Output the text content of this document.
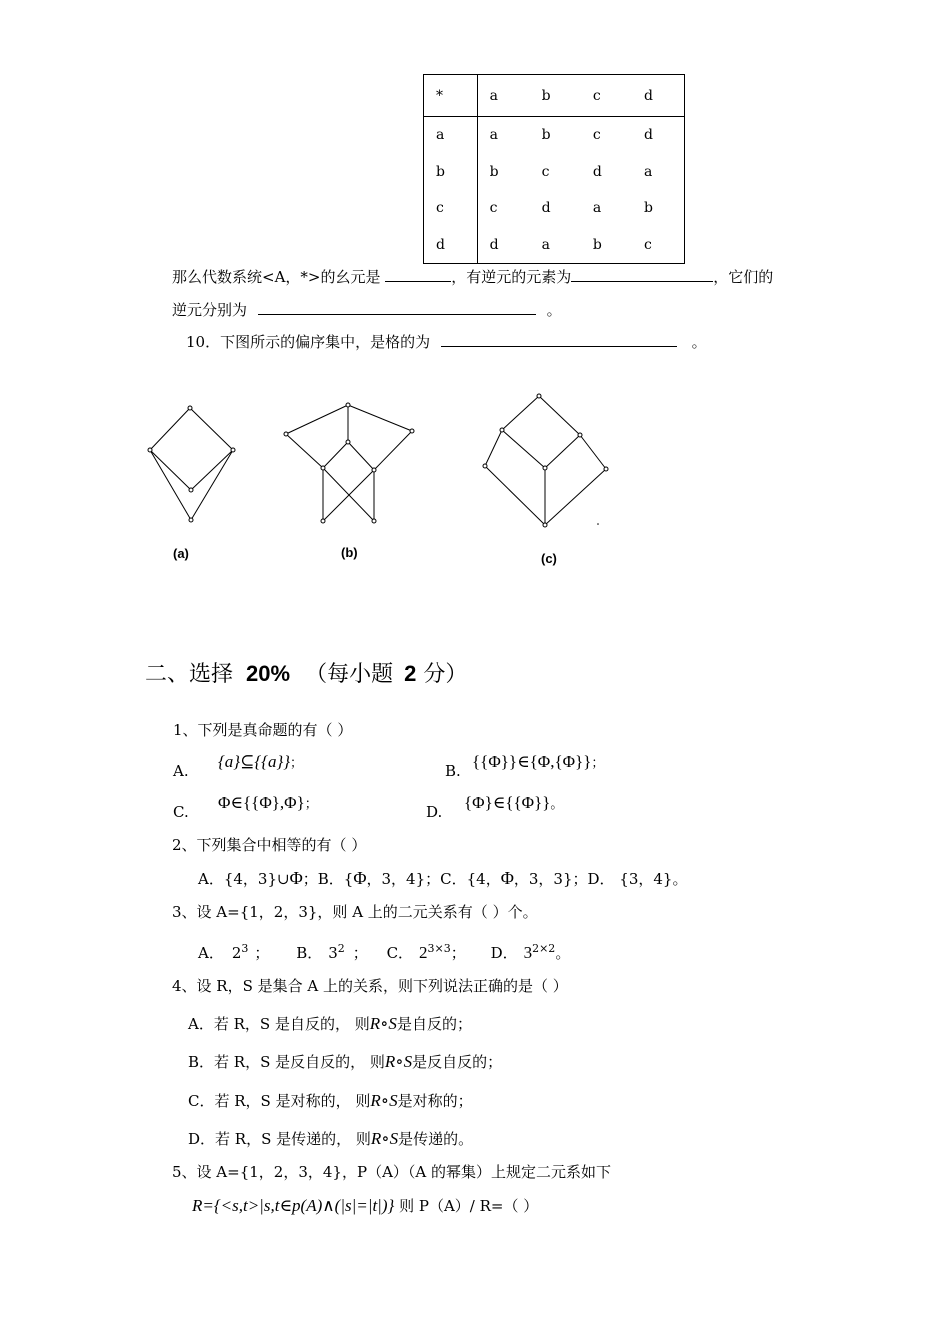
*	a	b	c	d
a	a	b	c	d
b	b	c	d	a
c	c	d	a	b
d	d	a	b	c
那么代数系统<A，*>的幺元是	，有逆元的元素为	，它们的
逆元分别为	。
10．下图所示的偏序集中，是格的为	。
(a)	(b)	(c)
二、选择 20% （每小题 2 分）
1、下列是真命题的有（ ）
A. {a}⊆{{a}}；	B. {{Φ}}∈{Φ,{Φ}}；
C. Φ∈{{Φ},Φ}；	D. {Φ}∈{{Φ}}。
2、下列集合中相等的有（ ）
A．{4，3}∪Φ；B．{Φ，3，4}；C．{4，Φ，3，3}；D． {3，4}。
3、设 A={1，2，3}，则 A 上的二元关系有（ ）个。
A． $2^3$ ； B． $3^2$ ； C． $2^{3\times 3}$； D． $3^{2\times 2}$。
4、设 R，S 是集合 A 上的关系，则下列说法正确的是（ ）
A．若 R，S 是自反的， 则R∘S是自反的；
B．若 R，S 是反自反的， 则R∘S是反自反的；
C．若 R，S 是对称的， 则R∘S是对称的；
D．若 R，S 是传递的， 则R∘S是传递的。
5、设 A={1，2，3，4}，P（A）（A 的幂集）上规定二元系如下
R={<s,t>|s,t∈p(A)∧(|s|=|t|)} 则 P（A）/ R=（ ）
